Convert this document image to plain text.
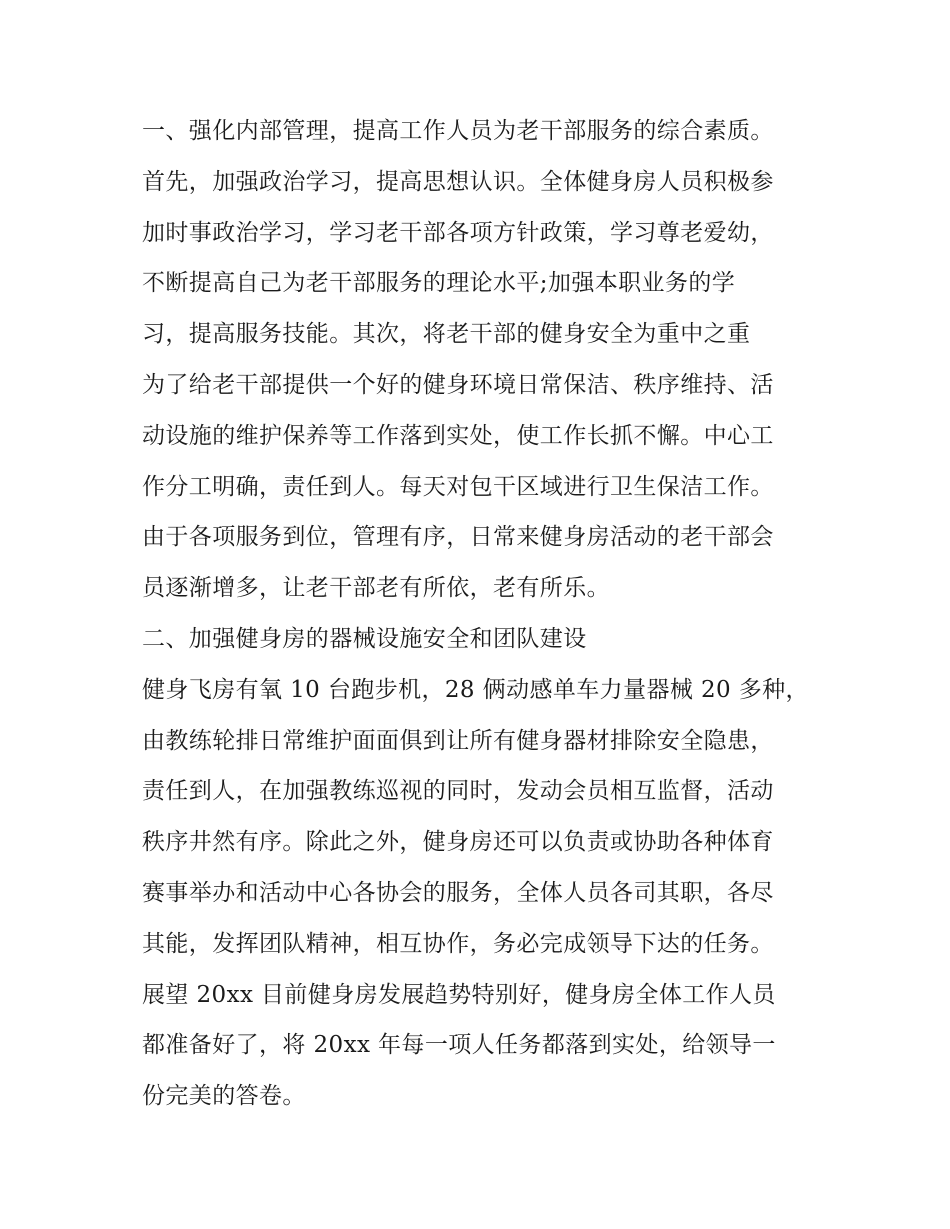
一、强化内部管理，提高工作人员为老干部服务的综合素质。
首先，加强政治学习，提高思想认识。全体健身房人员积极参
加时事政治学习，学习老干部各项方针政策，学习尊老爱幼，
不断提高自己为老干部服务的理论水平;加强本职业务的学
习，提高服务技能。其次，将老干部的健身安全为重中之重
为了给老干部提供一个好的健身环境日常保洁、秩序维持、活
动设施的维护保养等工作落到实处，使工作长抓不懈。中心工
作分工明确，责任到人。每天对包干区域进行卫生保洁工作。
由于各项服务到位，管理有序，日常来健身房活动的老干部会
员逐渐增多，让老干部老有所依，老有所乐。
二、加强健身房的器械设施安全和团队建设
健身飞房有氧 10 台跑步机，28 俩动感单车力量器械 20 多种，
由教练轮排日常维护面面俱到让所有健身器材排除安全隐患，
责任到人，在加强教练巡视的同时，发动会员相互监督，活动
秩序井然有序。除此之外，健身房还可以负责或协助各种体育
赛事举办和活动中心各协会的服务，全体人员各司其职，各尽
其能，发挥团队精神，相互协作，务必完成领导下达的任务。
展望 20xx 目前健身房发展趋势特别好，健身房全体工作人员
都准备好了，将 20xx 年每一项人任务都落到实处，给领导一
份完美的答卷。
